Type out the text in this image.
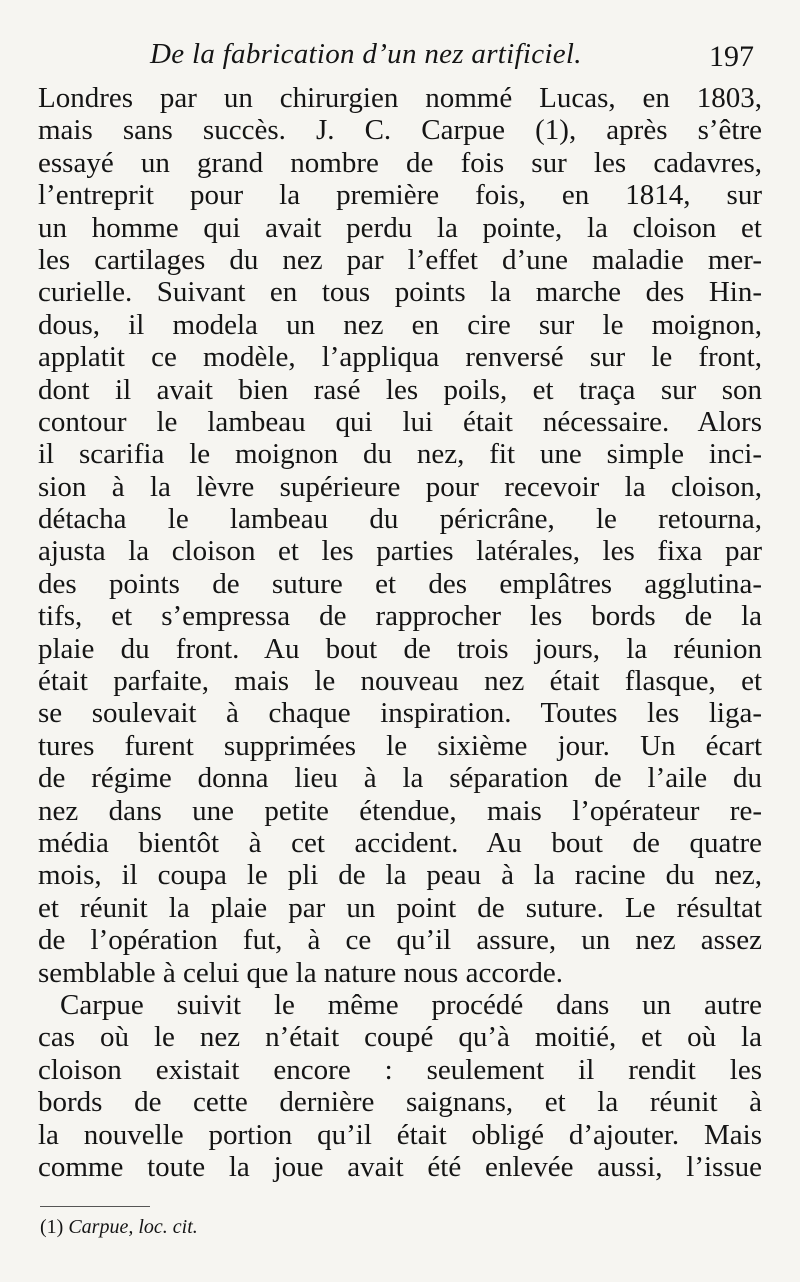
De la fabrication d’un nez artificiel.	197
Londres par un chirurgien nommé Lucas, en 1803,
mais sans succès. J. C. Carpue (1), après s’être
essayé un grand nombre de fois sur les cadavres,
l’entreprit pour la première fois, en 1814, sur
un homme qui avait perdu la pointe, la cloison et
les cartilages du nez par l’effet d’une maladie mer-
curielle. Suivant en tous points la marche des Hin-
dous, il modela un nez en cire sur le moignon,
applatit ce modèle, l’appliqua renversé sur le front,
dont il avait bien rasé les poils, et traça sur son
contour le lambeau qui lui était nécessaire. Alors
il scarifia le moignon du nez, fit une simple inci-
sion à la lèvre supérieure pour recevoir la cloison,
détacha le lambeau du péricrâne, le retourna,
ajusta la cloison et les parties latérales, les fixa par
des points de suture et des emplâtres agglutina-
tifs, et s’empressa de rapprocher les bords de la
plaie du front. Au bout de trois jours, la réunion
était parfaite, mais le nouveau nez était flasque, et
se soulevait à chaque inspiration. Toutes les liga-
tures furent supprimées le sixième jour. Un écart
de régime donna lieu à la séparation de l’aile du
nez dans une petite étendue, mais l’opérateur re-
média bientôt à cet accident. Au bout de quatre
mois, il coupa le pli de la peau à la racine du nez,
et réunit la plaie par un point de suture. Le résultat
de l’opération fut, à ce qu’il assure, un nez assez
semblable à celui que la nature nous accorde.
Carpue suivit le même procédé dans un autre
cas où le nez n’était coupé qu’à moitié, et où la
cloison existait encore : seulement il rendit les
bords de cette dernière saignans, et la réunit à
la nouvelle portion qu’il était obligé d’ajouter. Mais
comme toute la joue avait été enlevée aussi, l’issue
(1) Carpue, loc. cit.
